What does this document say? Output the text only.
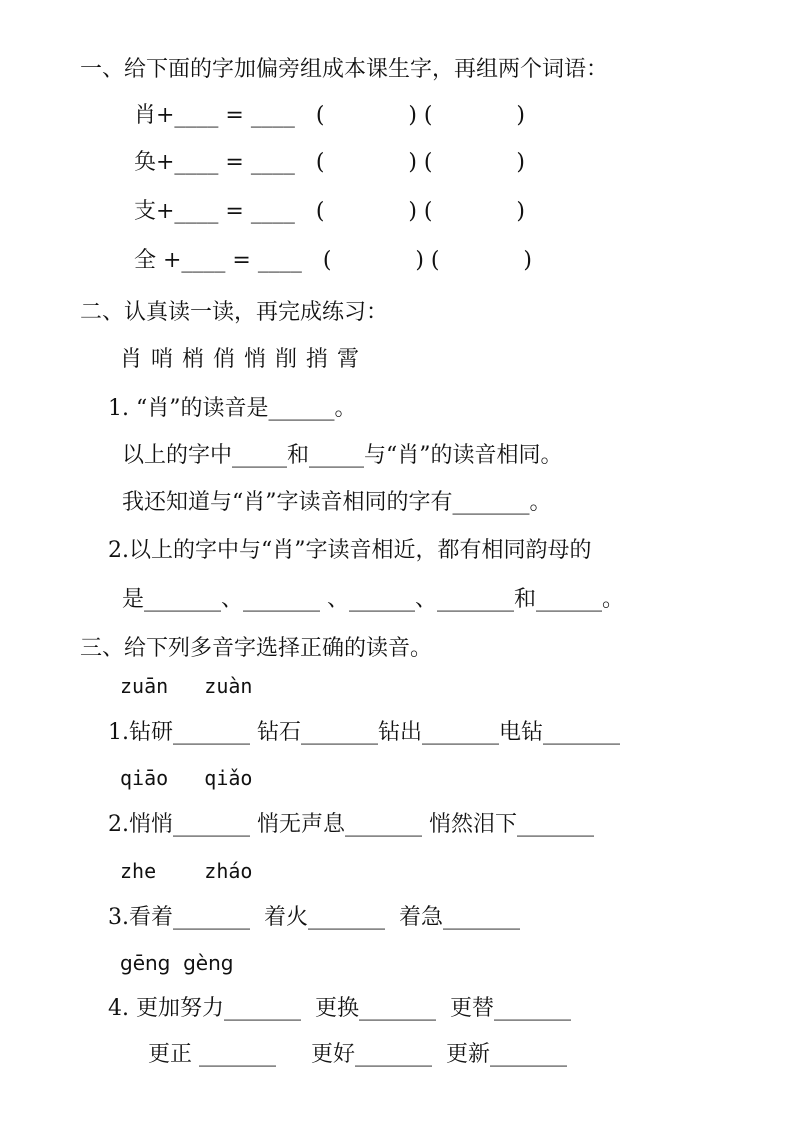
一、给下面的字加偏旁组成本课生字，再组两个词语：
肖+____ = ____   (            ) (            )
奂+____ = ____   (            ) (            )
支+____ = ____   (            ) (            )
全 +____ = ____   (            ) (            )
二、认真读一读，再完成练习：
肖 哨 梢 俏 悄 削 捎 霄
1. “肖”的读音是______。
以上的字中_____和_____与“肖”的读音相同。
我还知道与“肖”字读音相同的字有_______。
2.以上的字中与“肖”字读音相近，都有相同韵母的
是_______、_______ 、______、_______和______。
三、给下列多音字选择正确的读音。
zuān   zuàn
1.钻研_______ 钻石_______钻出_______电钻_______
qiāo   qiǎo
2.悄悄_______ 悄无声息_______ 悄然泪下_______
zhe    zháo
3.看着_______  着火_______  着急_______
gēng  gèng
4. 更加努力_______  更换_______  更替_______
更正 _______     更好_______  更新_______
